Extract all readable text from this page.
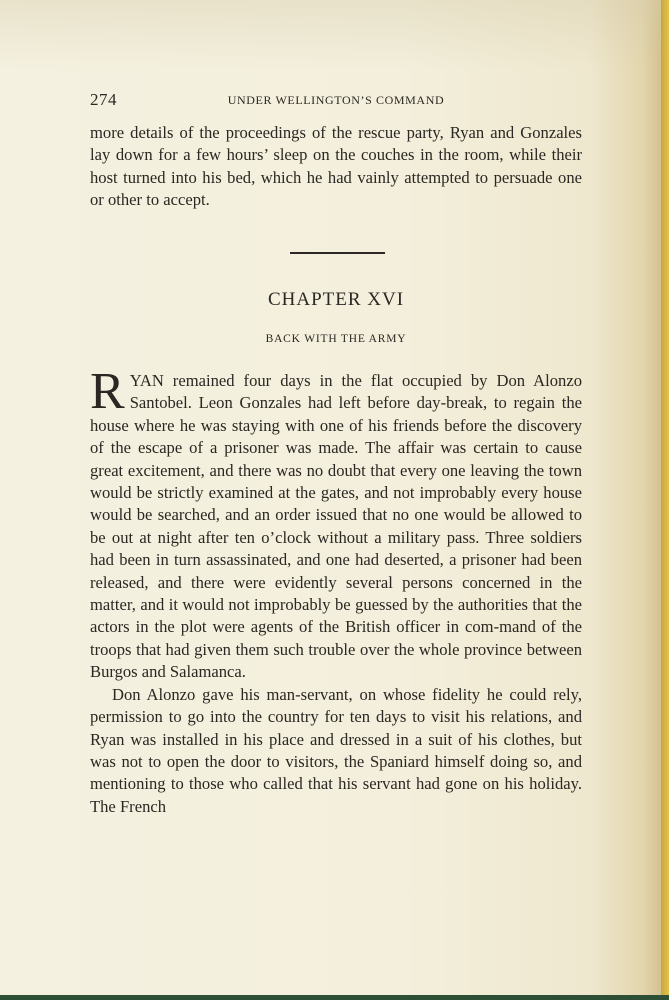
274	UNDER WELLINGTON’S COMMAND

more details of the proceedings of the rescue party, Ryan and Gonzales lay down for a few hours’ sleep on the couches in the room, while their host turned into his bed, which he had vainly attempted to persuade one or other to accept.

CHAPTER XVI
BACK WITH THE ARMY

RYAN remained four days in the flat occupied by Don Alonzo Santobel. Leon Gonzales had left before day-break, to regain the house where he was staying with one of his friends before the discovery of the escape of a prisoner was made. The affair was certain to cause great excitement, and there was no doubt that every one leaving the town would be strictly examined at the gates, and not improbably every house would be searched, and an order issued that no one would be allowed to be out at night after ten o’clock without a military pass. Three soldiers had been in turn assassinated, and one had deserted, a prisoner had been released, and there were evidently several persons concerned in the matter, and it would not improbably be guessed by the authorities that the actors in the plot were agents of the British officer in com-mand of the troops that had given them such trouble over the whole province between Burgos and Salamanca.

Don Alonzo gave his man-servant, on whose fidelity he could rely, permission to go into the country for ten days to visit his relations, and Ryan was installed in his place and dressed in a suit of his clothes, but was not to open the door to visitors, the Spaniard himself doing so, and mentioning to those who called that his servant had gone on his holiday. The French
